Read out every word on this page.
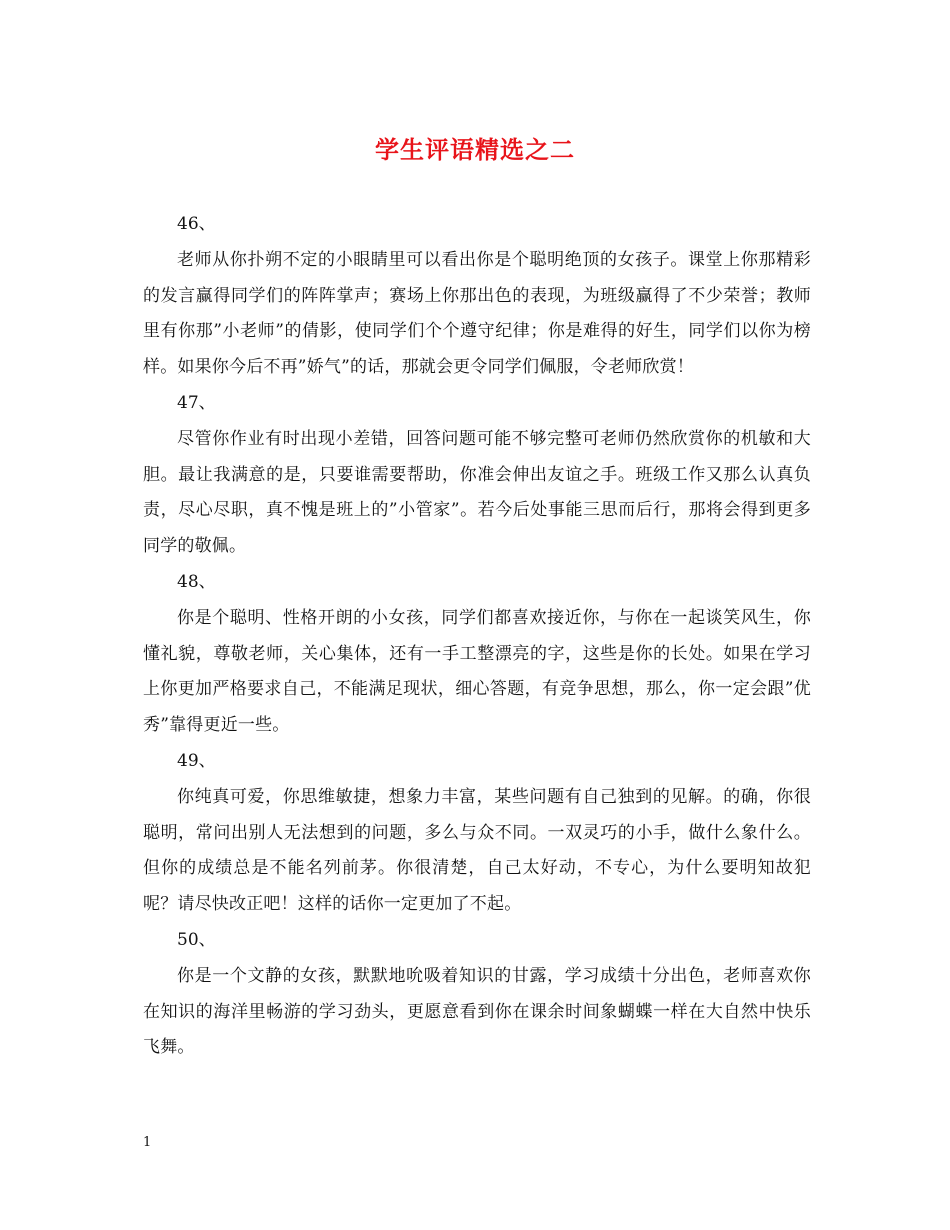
学生评语精选之二

46、

老师从你扑朔不定的小眼睛里可以看出你是个聪明绝顶的女孩子。课堂上你那精彩的发言赢得同学们的阵阵掌声；赛场上你那出色的表现，为班级赢得了不少荣誉；教师里有你那”小老师”的倩影，使同学们个个遵守纪律；你是难得的好生，同学们以你为榜样。如果你今后不再”娇气”的话，那就会更令同学们佩服，令老师欣赏！

47、

尽管你作业有时出现小差错，回答问题可能不够完整可老师仍然欣赏你的机敏和大胆。最让我满意的是，只要谁需要帮助，你准会伸出友谊之手。班级工作又那么认真负责，尽心尽职，真不愧是班上的”小管家”。若今后处事能三思而后行，那将会得到更多同学的敬佩。

48、

你是个聪明、性格开朗的小女孩，同学们都喜欢接近你，与你在一起谈笑风生，你懂礼貌，尊敬老师，关心集体，还有一手工整漂亮的字，这些是你的长处。如果在学习上你更加严格要求自己，不能满足现状，细心答题，有竞争思想，那么，你一定会跟”优秀”靠得更近一些。

49、

你纯真可爱，你思维敏捷，想象力丰富，某些问题有自己独到的见解。的确，你很聪明，常问出别人无法想到的问题，多么与众不同。一双灵巧的小手，做什么象什么。但你的成绩总是不能名列前茅。你很清楚，自己太好动，不专心，为什么要明知故犯呢？请尽快改正吧！这样的话你一定更加了不起。

50、

你是一个文静的女孩，默默地吮吸着知识的甘露，学习成绩十分出色，老师喜欢你在知识的海洋里畅游的学习劲头，更愿意看到你在课余时间象蝴蝶一样在大自然中快乐飞舞。

1
